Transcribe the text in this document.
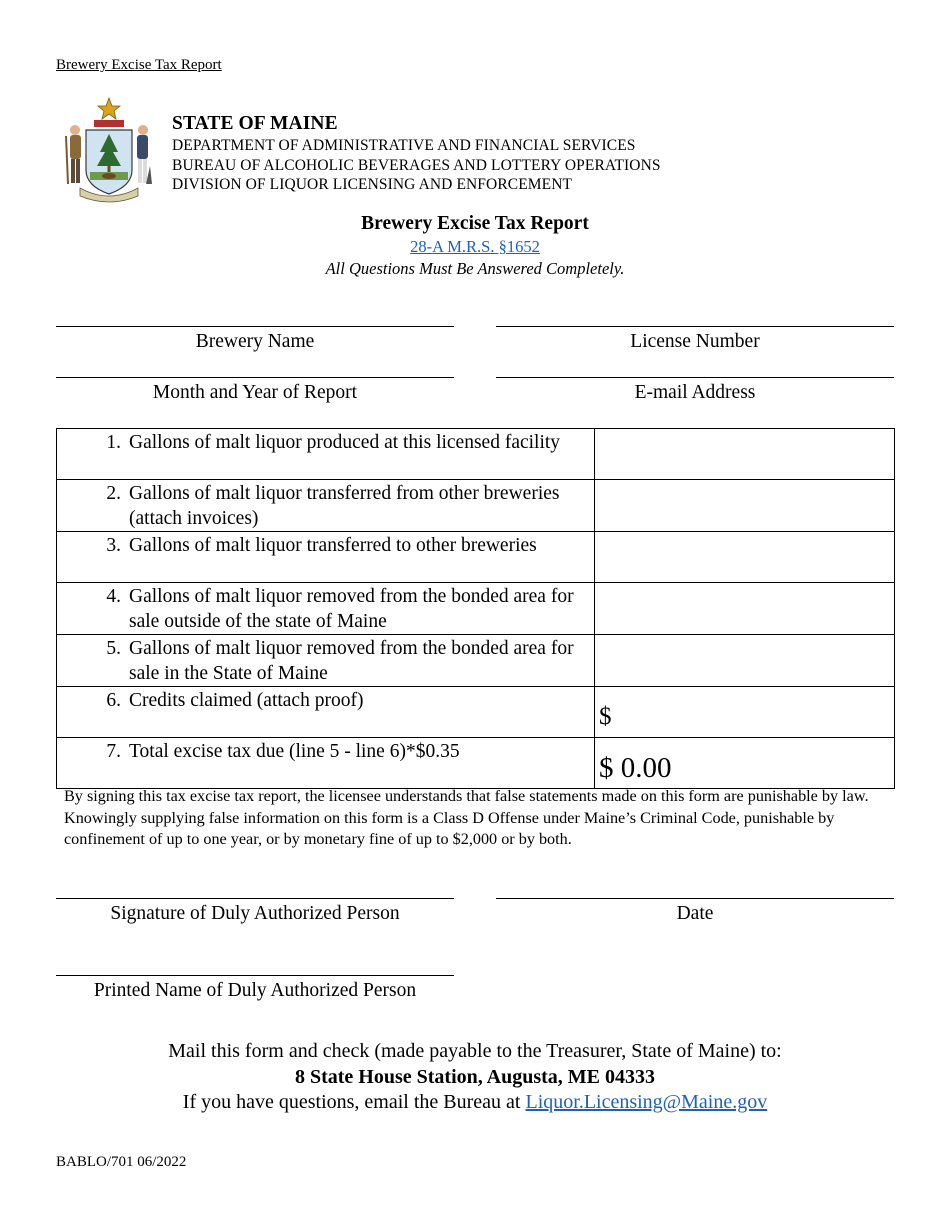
Brewery Excise Tax Report
STATE OF MAINE
DEPARTMENT OF ADMINISTRATIVE AND FINANCIAL SERVICES
BUREAU OF ALCOHOLIC BEVERAGES AND LOTTERY OPERATIONS
DIVISION OF LIQUOR LICENSING AND ENFORCEMENT
Brewery Excise Tax Report
28-A M.R.S. §1652
All Questions Must Be Answered Completely.
Brewery Name	License Number
Month and Year of Report	E-mail Address
1. Gallons of malt liquor produced at this licensed facility	

2. Gallons of malt liquor transferred from other breweries (attach invoices)	

3. Gallons of malt liquor transferred to other breweries	

4. Gallons of malt liquor removed from the bonded area for sale outside of the state of Maine	

5. Gallons of malt liquor removed from the bonded area for sale in the State of Maine	

6. Credits claimed (attach proof)	$

7. Total excise tax due (line 5 - line 6)*$0.35	$ 0.00
By signing this tax excise tax report, the licensee understands that false statements made on this form are punishable by law. Knowingly supplying false information on this form is a Class D Offense under Maine’s Criminal Code, punishable by confinement of up to one year, or by monetary fine of up to $2,000 or by both.
Signature of Duly Authorized Person	Date
Printed Name of Duly Authorized Person
Mail this form and check (made payable to the Treasurer, State of Maine) to:
8 State House Station, Augusta, ME 04333
If you have questions, email the Bureau at Liquor.Licensing@Maine.gov
BABLO/701 06/2022
